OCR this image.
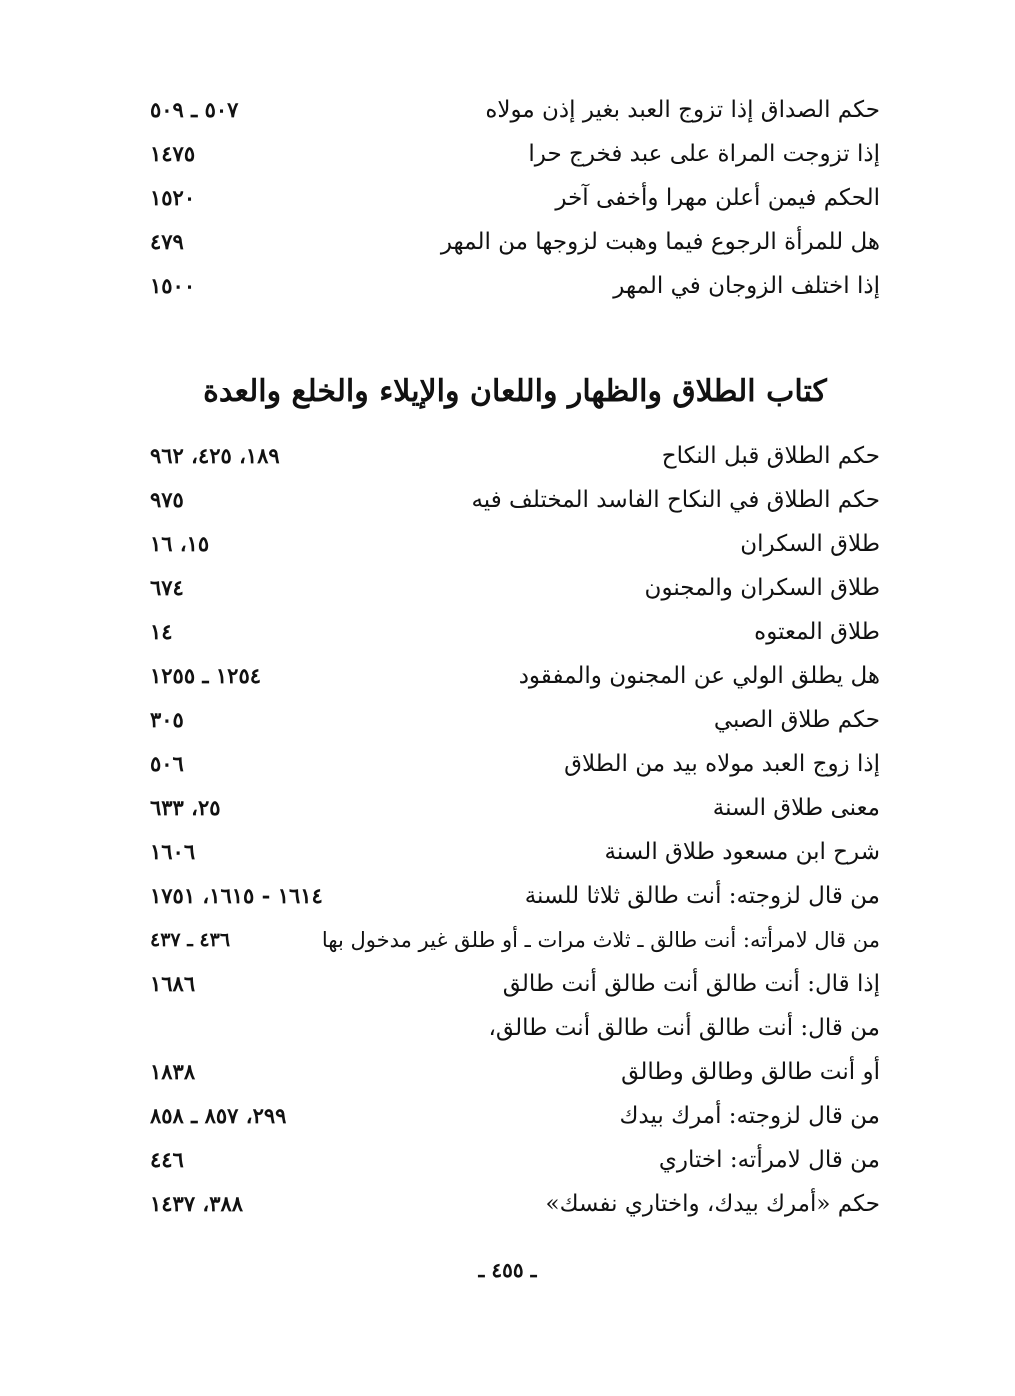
حكم الصداق إذا تزوج العبد بغير إذن مولاه
٥٠٧ ـ ٥٠٩
إذا تزوجت المراة على عبد فخرج حرا
١٤٧٥
الحكم فيمن أعلن مهرا وأخفى آخر
١٥٢٠
هل للمرأة الرجوع فيما وهبت لزوجها من المهر
٤٧٩
إذا اختلف الزوجان في المهر
١٥٠٠
كتاب الطلاق والظهار واللعان والإيلاء والخلع والعدة
حكم الطلاق قبل النكاح
١٨٩، ٤٢٥، ٩٦٢
حكم الطلاق في النكاح الفاسد المختلف فيه
٩٧٥
طلاق السكران
١٥، ١٦
طلاق السكران والمجنون
٦٧٤
طلاق المعتوه
١٤
هل يطلق الولي عن المجنون والمفقود
١٢٥٤ ـ ١٢٥٥
حكم طلاق الصبي
٣٠٥
إذا زوج العبد مولاه بيد من الطلاق
٥٠٦
معنى طلاق السنة
٢٥، ٦٣٣
شرح ابن مسعود طلاق السنة
١٦٠٦
من قال لزوجته: أنت طالق ثلاثا للسنة
١٦١٤ - ١٦١٥، ١٧٥١
من قال لامرأته: أنت طالق ـ ثلاث مرات ـ أو طلق غير مدخول بها
٤٣٦ ـ ٤٣٧
إذا قال: أنت طالق أنت طالق أنت طالق
١٦٨٦
من قال: أنت طالق أنت طالق أنت طالق،
أو أنت طالق وطالق وطالق
١٨٣٨
من قال لزوجته: أمرك بيدك
٢٩٩، ٨٥٧ ـ ٨٥٨
من قال لامرأته: اختاري
٤٤٦
حكم «أمرك بيدك، واختاري نفسك»
٣٨٨، ١٤٣٧
ـ ٤٥٥ ـ
